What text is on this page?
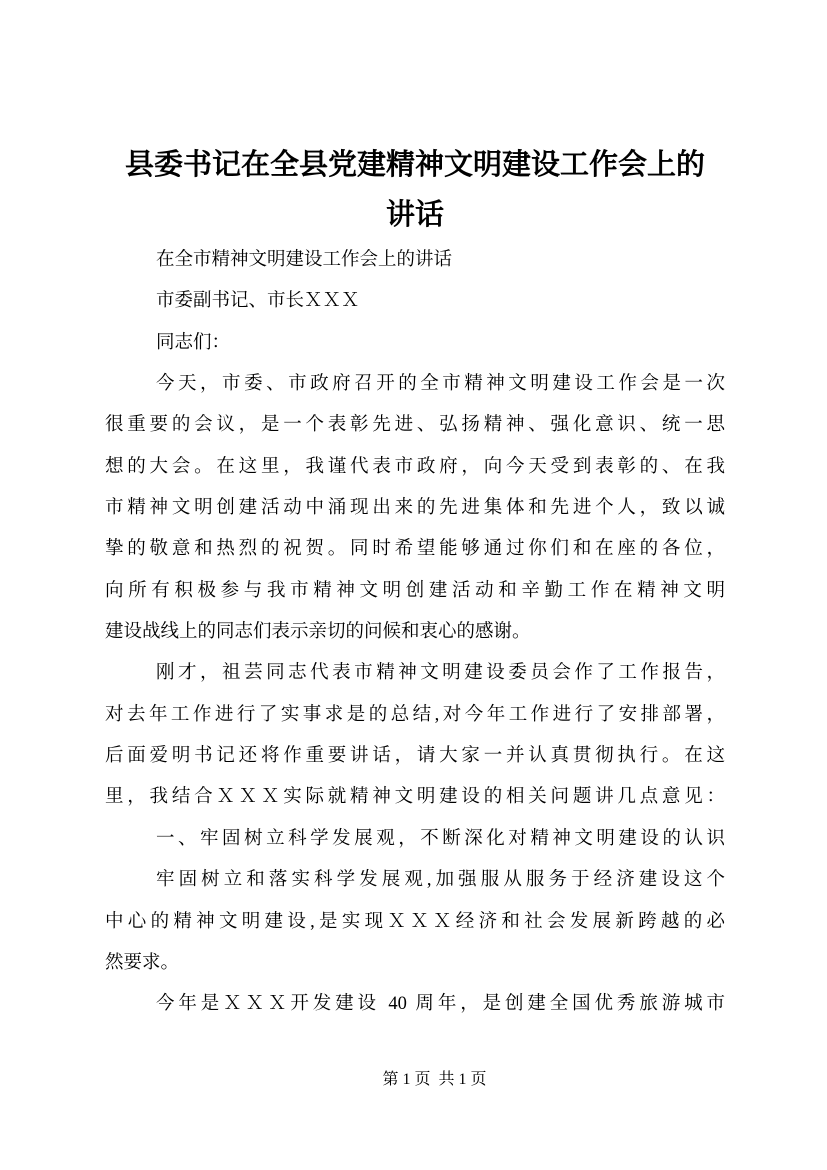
县委书记在全县党建精神文明建设工作会上的
讲话
在全市精神文明建设工作会上的讲话
市委副书记、市长ＸＸＸ
同志们：
今天，市委、市政府召开的全市精神文明建设工作会是一次
很重要的会议，是一个表彰先进、弘扬精神、强化意识、统一思
想的大会。在这里，我谨代表市政府，向今天受到表彰的、在我
市精神文明创建活动中涌现出来的先进集体和先进个人，致以诚
挚的敬意和热烈的祝贺。同时希望能够通过你们和在座的各位，
向所有积极参与我市精神文明创建活动和辛勤工作在精神文明
建设战线上的同志们表示亲切的问候和衷心的感谢。
刚才，祖芸同志代表市精神文明建设委员会作了工作报告，
对去年工作进行了实事求是的总结,对今年工作进行了安排部署，
后面爱明书记还将作重要讲话，请大家一并认真贯彻执行。在这
里，我结合ＸＸＸ实际就精神文明建设的相关问题讲几点意见：
一、牢固树立科学发展观，不断深化对精神文明建设的认识
牢固树立和落实科学发展观,加强服从服务于经济建设这个
中心的精神文明建设,是实现ＸＸＸ经济和社会发展新跨越的必
然要求。
今年是ＸＸＸ开发建设 40 周年，是创建全国优秀旅游城市
第 1 页  共 1 页
